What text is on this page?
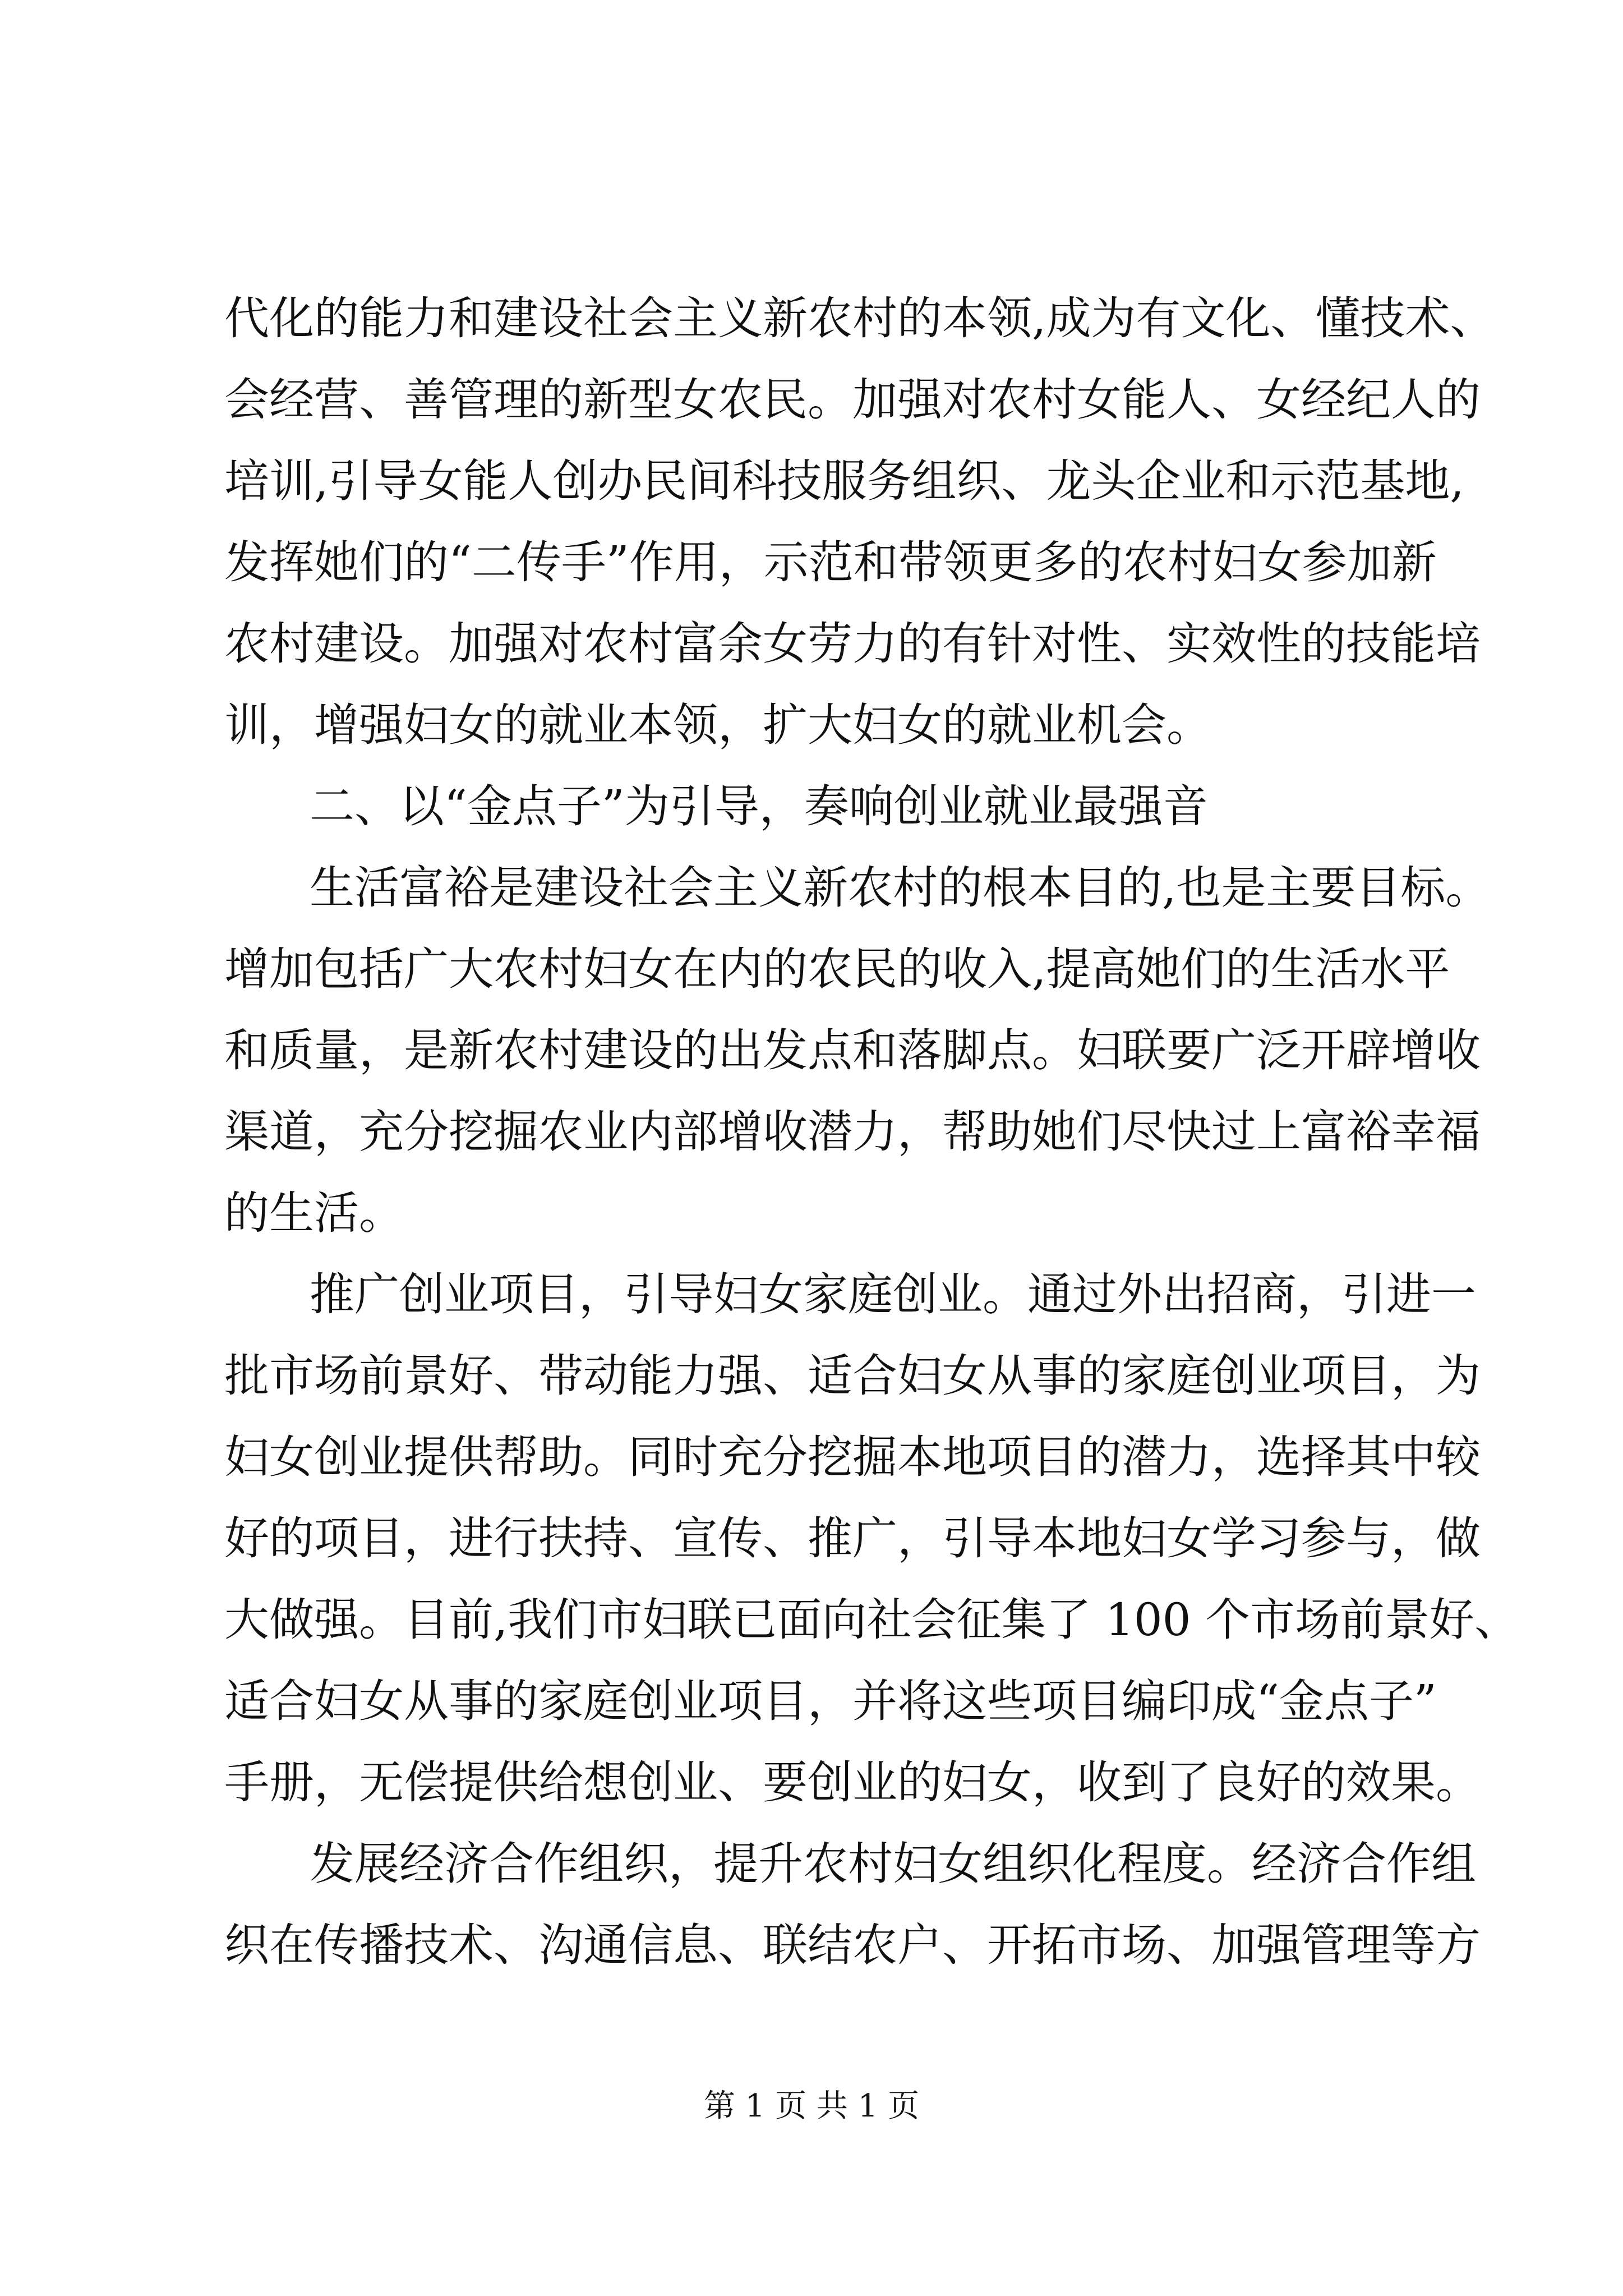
代化的能力和建设社会主义新农村的本领,成为有文化、懂技术、
会经营、善管理的新型女农民。加强对农村女能人、女经纪人的
培训,引导女能人创办民间科技服务组织、龙头企业和示范基地,
发挥她们的“二传手”作用，示范和带领更多的农村妇女参加新
农村建设。加强对农村富余女劳力的有针对性、实效性的技能培
训，增强妇女的就业本领，扩大妇女的就业机会。
二、以“金点子”为引导，奏响创业就业最强音
生活富裕是建设社会主义新农村的根本目的,也是主要目标。
增加包括广大农村妇女在内的农民的收入,提高她们的生活水平
和质量，是新农村建设的出发点和落脚点。妇联要广泛开辟增收
渠道，充分挖掘农业内部增收潜力，帮助她们尽快过上富裕幸福
的生活。
推广创业项目，引导妇女家庭创业。通过外出招商，引进一
批市场前景好、带动能力强、适合妇女从事的家庭创业项目，为
妇女创业提供帮助。同时充分挖掘本地项目的潜力，选择其中较
好的项目，进行扶持、宣传、推广，引导本地妇女学习参与，做
大做强。目前,我们市妇联已面向社会征集了 100 个市场前景好、
适合妇女从事的家庭创业项目，并将这些项目编印成“金点子”
手册，无偿提供给想创业、要创业的妇女，收到了良好的效果。
发展经济合作组织，提升农村妇女组织化程度。经济合作组
织在传播技术、沟通信息、联结农户、开拓市场、加强管理等方
第 1 页 共 1 页
